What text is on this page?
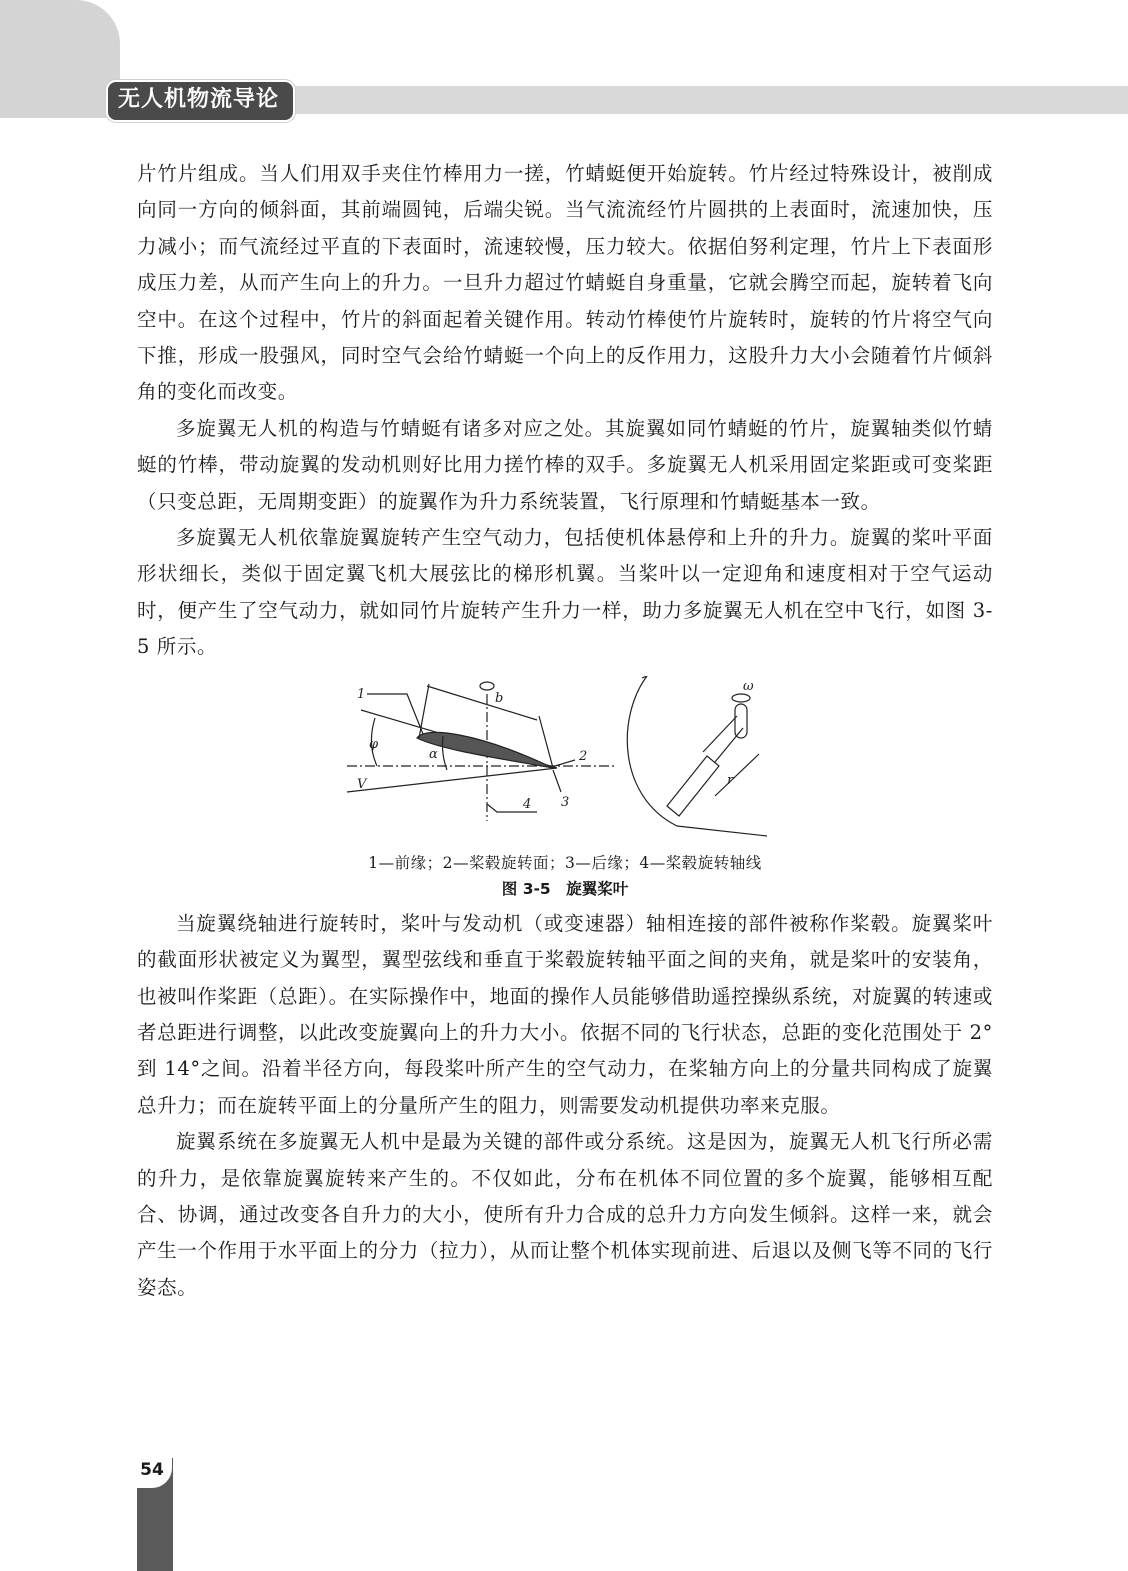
无人机物流导论

片竹片组成。当人们用双手夹住竹棒用力一搓，竹蜻蜓便开始旋转。竹片经过特殊设计，被削成向同一方向的倾斜面，其前端圆钝，后端尖锐。当气流流经竹片圆拱的上表面时，流速加快，压力减小；而气流经过平直的下表面时，流速较慢，压力较大。依据伯努利定理，竹片上下表面形成压力差，从而产生向上的升力。一旦升力超过竹蜻蜓自身重量，它就会腾空而起，旋转着飞向空中。在这个过程中，竹片的斜面起着关键作用。转动竹棒使竹片旋转时，旋转的竹片将空气向下推，形成一股强风，同时空气会给竹蜻蜓一个向上的反作用力，这股升力大小会随着竹片倾斜角的变化而改变。

多旋翼无人机的构造与竹蜻蜓有诸多对应之处。其旋翼如同竹蜻蜓的竹片，旋翼轴类似竹蜻蜓的竹棒，带动旋翼的发动机则好比用力搓竹棒的双手。多旋翼无人机采用固定桨距或可变桨距（只变总距，无周期变距）的旋翼作为升力系统装置，飞行原理和竹蜻蜓基本一致。

多旋翼无人机依靠旋翼旋转产生空气动力，包括使机体悬停和上升的升力。旋翼的桨叶平面形状细长，类似于固定翼飞机大展弦比的梯形机翼。当桨叶以一定迎角和速度相对于空气运动时，便产生了空气动力，就如同竹片旋转产生升力一样，助力多旋翼无人机在空中飞行，如图 3-5 所示。

1
φ
b
α
V
2
3
4
ω
r
1—前缘；2—桨毂旋转面；3—后缘；4—桨毂旋转轴线
图 3-5　旋翼桨叶

当旋翼绕轴进行旋转时，桨叶与发动机（或变速器）轴相连接的部件被称作桨毂。旋翼桨叶的截面形状被定义为翼型，翼型弦线和垂直于桨毂旋转轴平面之间的夹角，就是桨叶的安装角，也被叫作桨距（总距）。在实际操作中，地面的操作人员能够借助遥控操纵系统，对旋翼的转速或者总距进行调整，以此改变旋翼向上的升力大小。依据不同的飞行状态，总距的变化范围处于 2°到 14°之间。沿着半径方向，每段桨叶所产生的空气动力，在桨轴方向上的分量共同构成了旋翼总升力；而在旋转平面上的分量所产生的阻力，则需要发动机提供功率来克服。

旋翼系统在多旋翼无人机中是最为关键的部件或分系统。这是因为，旋翼无人机飞行所必需的升力，是依靠旋翼旋转来产生的。不仅如此，分布在机体不同位置的多个旋翼，能够相互配合、协调，通过改变各自升力的大小，使所有升力合成的总升力方向发生倾斜。这样一来，就会产生一个作用于水平面上的分力（拉力），从而让整个机体实现前进、后退以及侧飞等不同的飞行姿态。

54
